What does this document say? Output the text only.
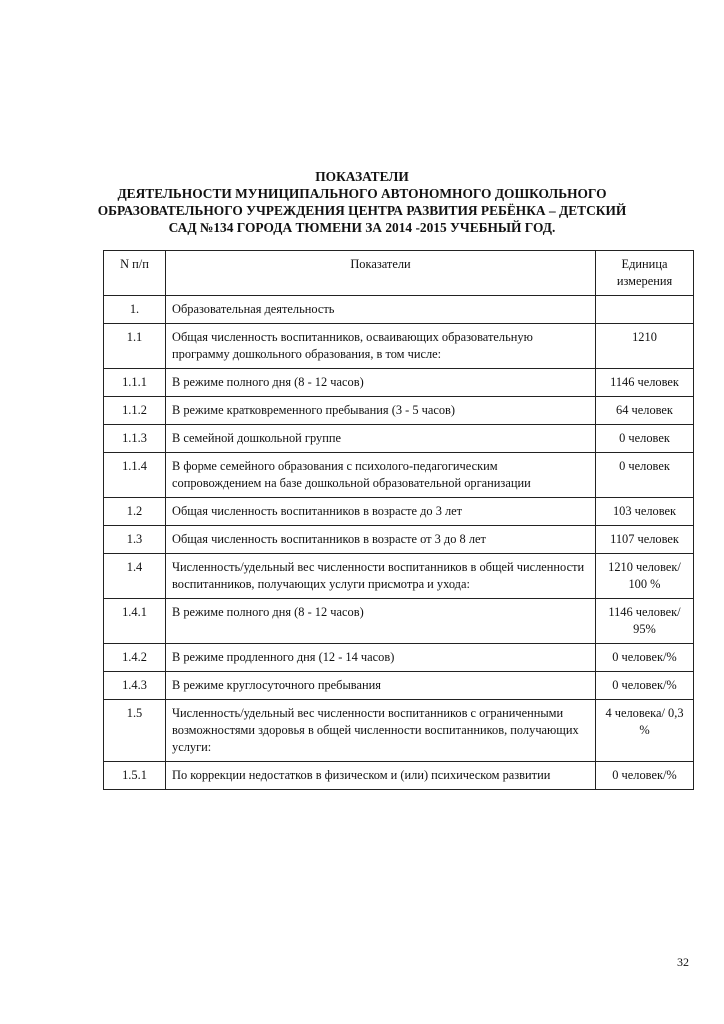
ПОКАЗАТЕЛИ
ДЕЯТЕЛЬНОСТИ МУНИЦИПАЛЬНОГО АВТОНОМНОГО ДОШКОЛЬНОГО
ОБРАЗОВАТЕЛЬНОГО УЧРЕЖДЕНИЯ ЦЕНТРА РАЗВИТИЯ РЕБЁНКА – ДЕТСКИЙ
САД №134 ГОРОДА ТЮМЕНИ ЗА 2014 -2015 УЧЕБНЫЙ ГОД.
N п/п	Показатели	Единица измерения
1.	Образовательная деятельность	
1.1	Общая численность воспитанников, осваивающих образовательную программу дошкольного образования, в том числе:	1210
1.1.1	В режиме полного дня (8 - 12 часов)	1146 человек
1.1.2	В режиме кратковременного пребывания (3 - 5 часов)	64 человек
1.1.3	В семейной дошкольной группе	0 человек
1.1.4	В форме семейного образования с психолого-педагогическим сопровождением на базе дошкольной образовательной организации	0 человек
1.2	Общая численность воспитанников в возрасте до 3 лет	103 человек
1.3	Общая численность воспитанников в возрасте от 3 до 8 лет	1107 человек
1.4	Численность/удельный вес численности воспитанников в общей численности воспитанников, получающих услуги присмотра и ухода:	1210 человек/ 100 %
1.4.1	В режиме полного дня (8 - 12 часов)	1146 человек/ 95%
1.4.2	В режиме продленного дня (12 - 14 часов)	0 человек/%
1.4.3	В режиме круглосуточного пребывания	0 человек/%
1.5	Численность/удельный вес численности воспитанников с ограниченными возможностями здоровья в общей численности воспитанников, получающих услуги:	4 человека/ 0,3 %
1.5.1	По коррекции недостатков в физическом и (или) психическом развитии	0 человек/%
32
